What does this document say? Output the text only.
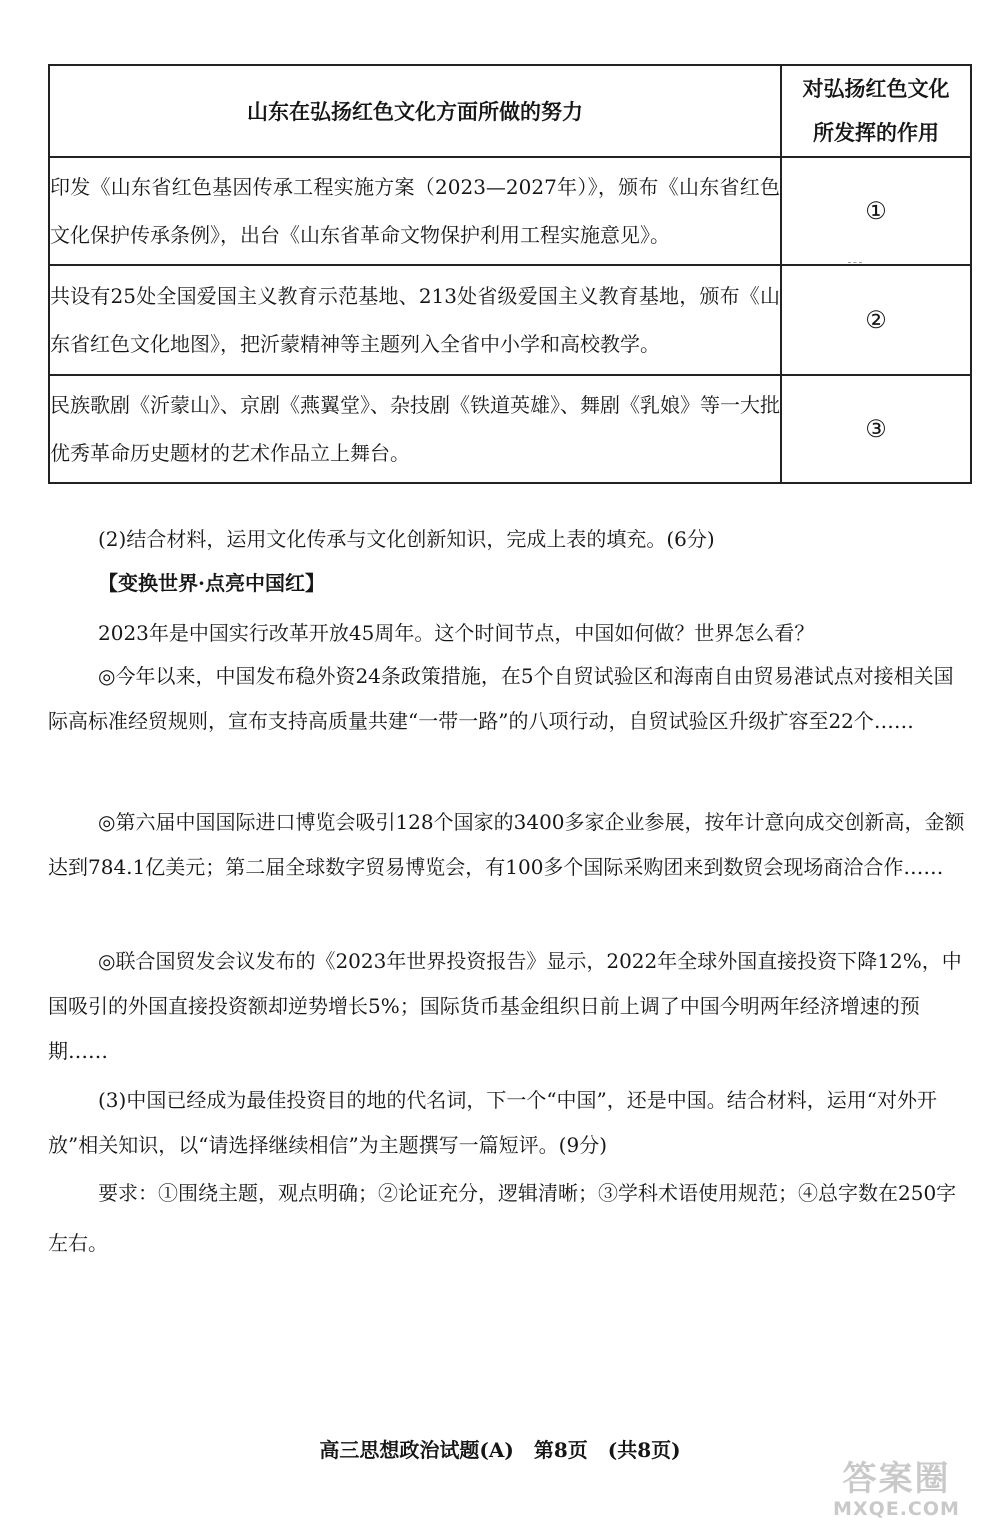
山东在弘扬红色文化方面所做的努力	对弘扬红色文化
所发挥的作用

印发《山东省红色基因传承工程实施方案（2023—2027年）》，颁布《山东省红色文化保护传承条例》，出台《山东省革命文物保护利用工程实施意见》。	①
共设有25处全国爱国主义教育示范基地、213处省级爱国主义教育基地，颁布《山东省红色文化地图》，把沂蒙精神等主题列入全省中小学和高校教学。	②
民族歌剧《沂蒙山》、京剧《燕翼堂》、杂技剧《铁道英雄》、舞剧《乳娘》等一大批优秀革命历史题材的艺术作品立上舞台。	③

(2)结合材料，运用文化传承与文化创新知识，完成上表的填充。(6分)

【变换世界·点亮中国红】

2023年是中国实行改革开放45周年。这个时间节点，中国如何做？世界怎么看？

◎今年以来，中国发布稳外资24条政策措施，在5个自贸试验区和海南自由贸易港试点对接相关国际高标准经贸规则，宣布支持高质量共建“一带一路”的八项行动，自贸试验区升级扩容至22个……

◎第六届中国国际进口博览会吸引128个国家的3400多家企业参展，按年计意向成交创新高，金额达到784.1亿美元；第二届全球数字贸易博览会，有100多个国际采购团来到数贸会现场商洽合作……

◎联合国贸发会议发布的《2023年世界投资报告》显示，2022年全球外国直接投资下降12%，中国吸引的外国直接投资额却逆势增长5%；国际货币基金组织日前上调了中国今明两年经济增速的预期……

(3)中国已经成为最佳投资目的地的代名词，下一个“中国”，还是中国。结合材料，运用“对外开放”相关知识，以“请选择继续相信”为主题撰写一篇短评。(9分)

要求：①围绕主题，观点明确；②论证充分，逻辑清晰；③学科术语使用规范；④总字数在250字左右。

高三思想政治试题(A)　第8页　(共8页)
答案圈
MXQE.COM
